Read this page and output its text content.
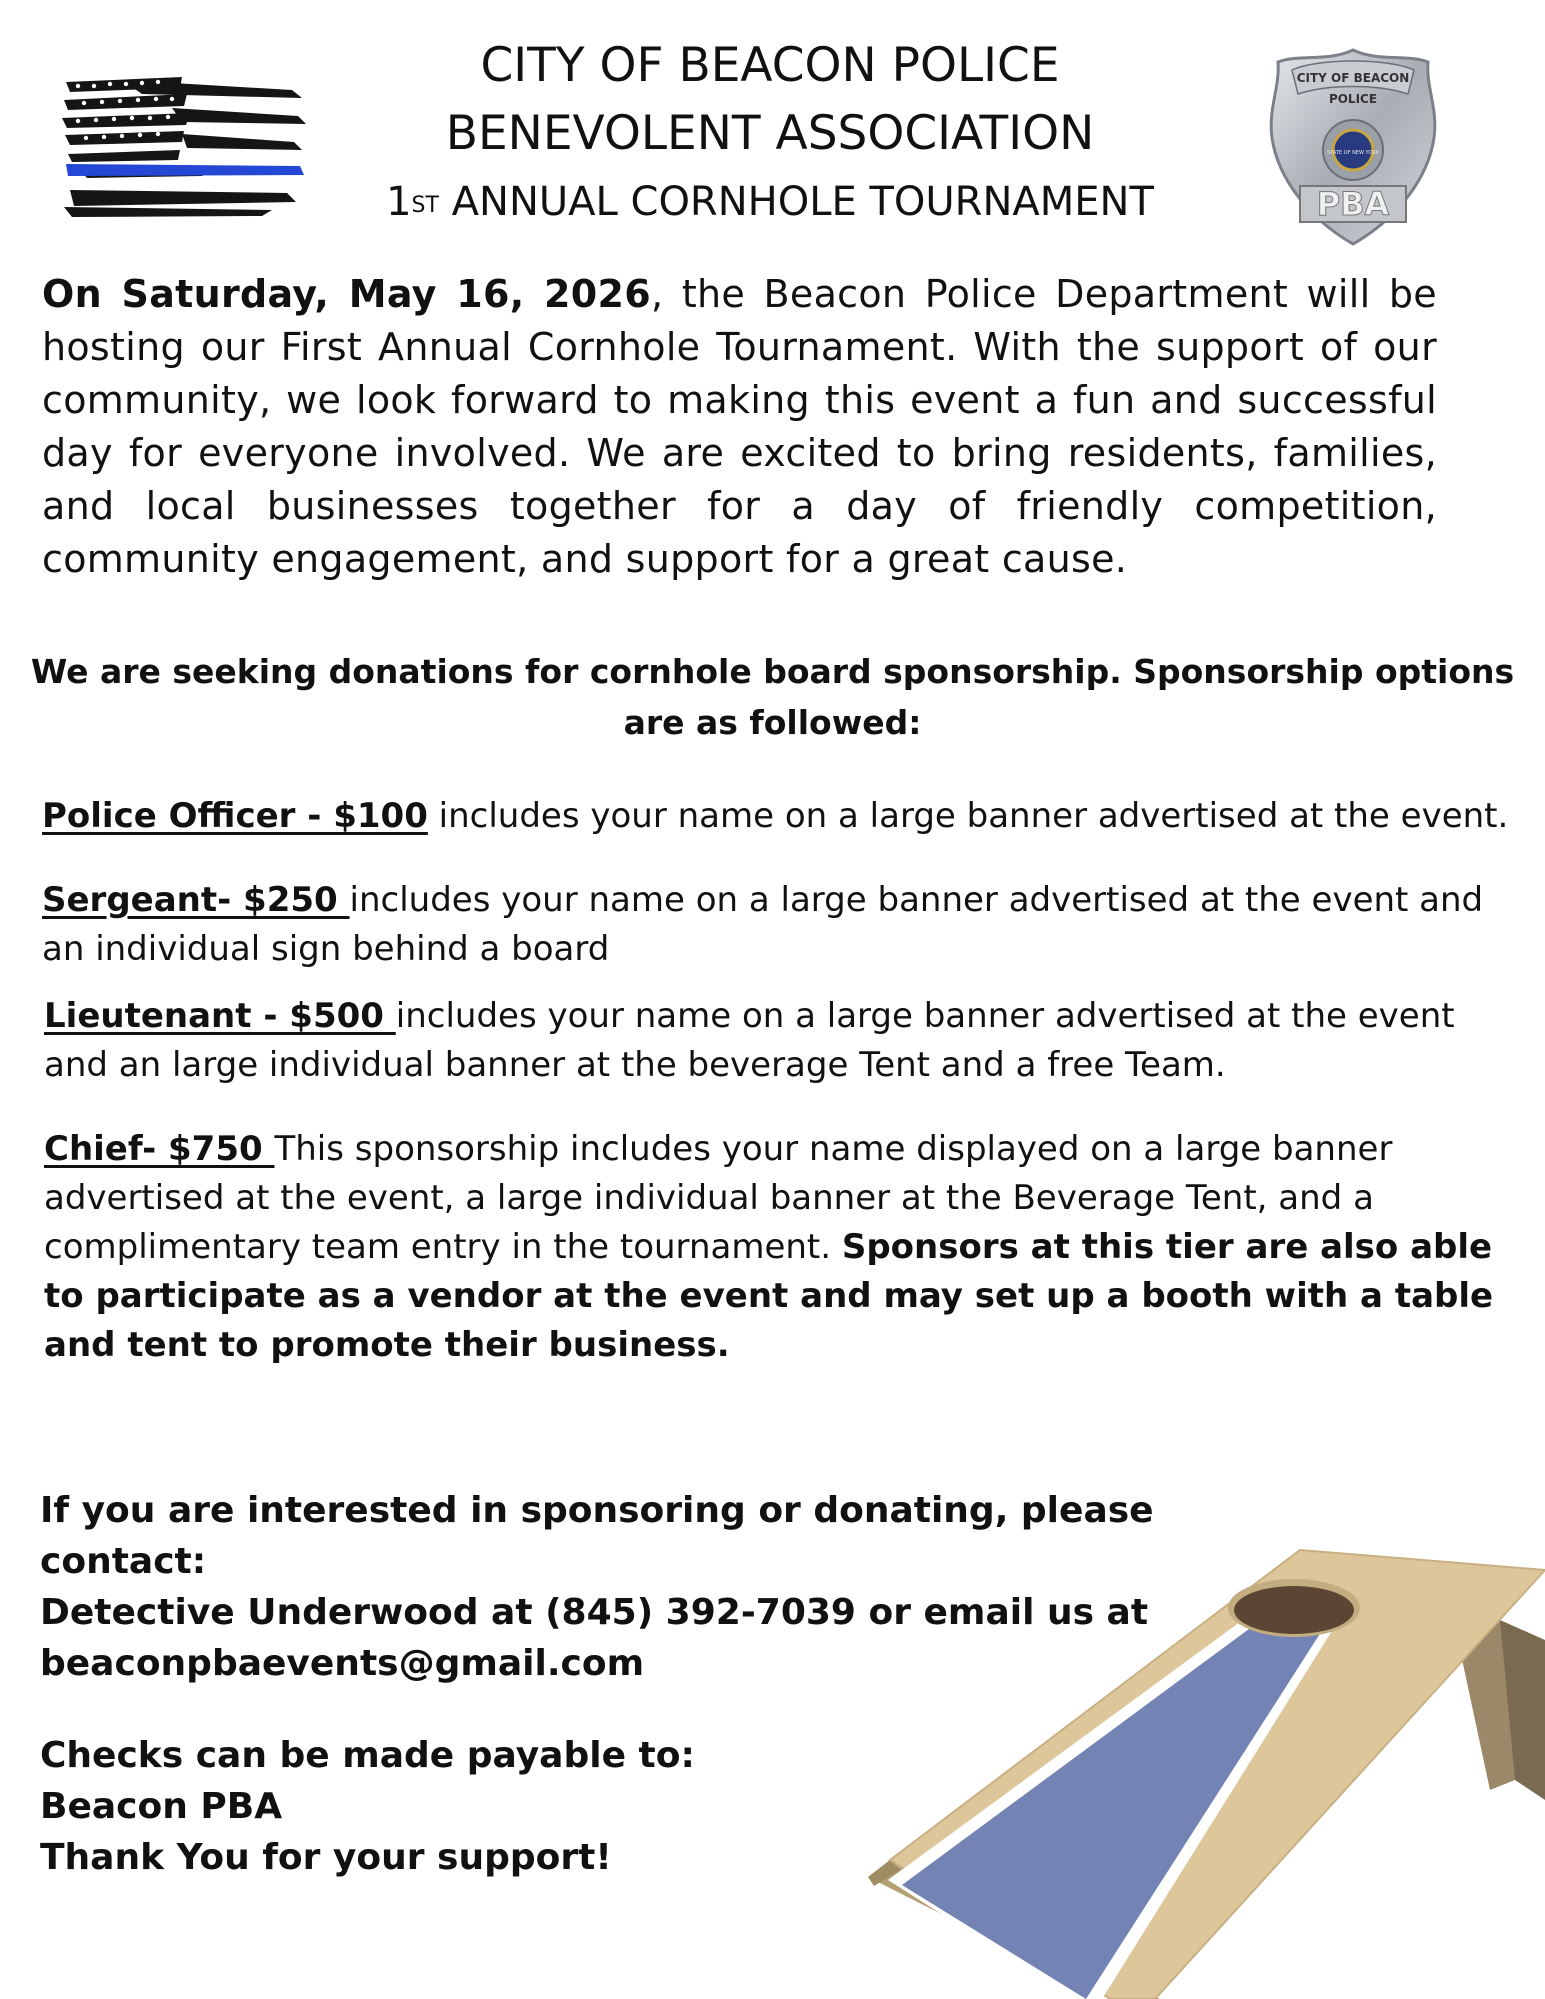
CITY OF BEACON
POLICE
STATE OF NEW YORK
PBA
CITY OF BEACON POLICE
BENEVOLENT ASSOCIATION
1ST ANNUAL CORNHOLE TOURNAMENT
On Saturday, May 16, 2026, the Beacon Police Department will be hosting our First Annual Cornhole Tournament. With the support of our community, we look forward to making this event a fun and successful day for everyone involved. We are excited to bring residents, families, and local businesses together for a day of friendly competition, community engagement, and support for a great cause.
We are seeking donations for cornhole board sponsorship. Sponsorship options are as followed:
Police Officer - $100 includes your name on a large banner advertised at the event.
Sergeant- $250 includes your name on a large banner advertised at the event and an individual sign behind a board
Lieutenant - $500 includes your name on a large banner advertised at the event and an large individual banner at the beverage Tent and a free Team.
Chief- $750 This sponsorship includes your name displayed on a large banner advertised at the event, a large individual banner at the Beverage Tent, and a complimentary team entry in the tournament. Sponsors at this tier are also able to participate as a vendor at the event and may set up a booth with a table and tent to promote their business.
If you are interested in sponsoring or donating, please contact:
Detective Underwood at (845) 392-7039 or email us at
beaconpbaevents@gmail.com
Checks can be made payable to:
Beacon PBA
Thank You for your support!
